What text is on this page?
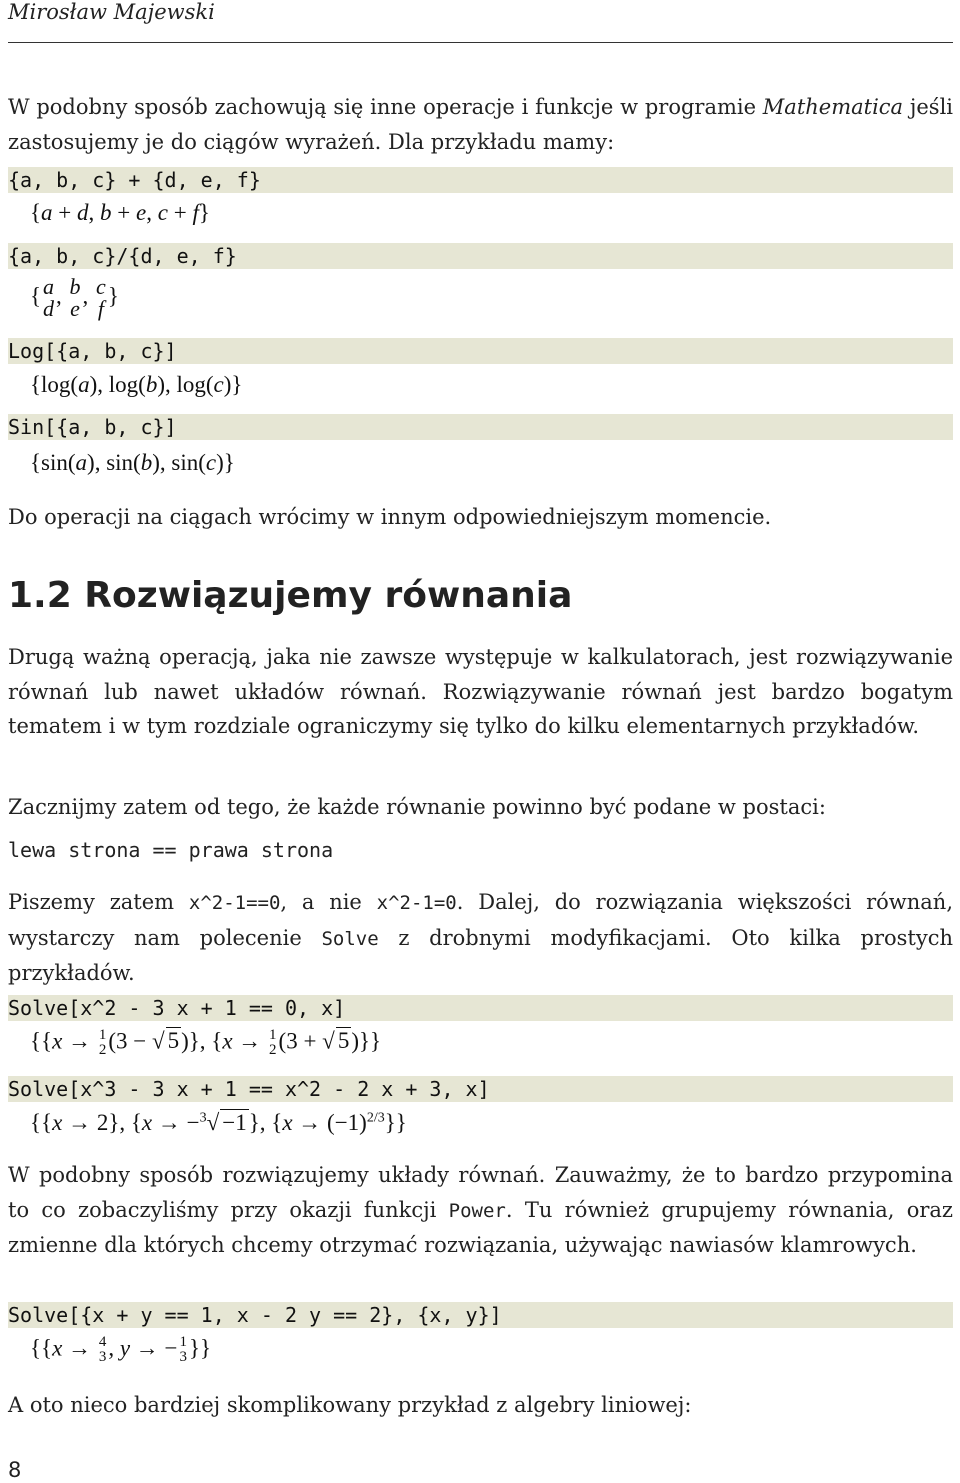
Mirosław Majewski
W podobny sposób zachowują się inne operacje i funkcje w programie Mathematica jeśli zastosujemy je do ciągów wyrażeń. Dla przykładu mamy:
{a, b, c} + {d, e, f}
{a + d, b + e, c + f}
{a, b, c}/{d, e, f}
{ a
d
, b
e
, c
f
}
Log[{a, b, c}]
{log(a), log(b), log(c)}
Sin[{a, b, c}]
{sin(a), sin(b), sin(c)}
Do operacji na ciągach wrócimy w innym odpowiedniejszym momencie.
1.2 Rozwiązujemy równania
Drugą ważną operacją, jaka nie zawsze występuje w kalkulatorach, jest rozwiązywanie równań lub nawet układów równań. Rozwiązywanie równań jest bardzo bogatym tematem i w tym rozdziale ograniczymy się tylko do kilku elementarnych przykładów.
Zacznijmy zatem od tego, że każde równanie powinno być podane w postaci:
lewa strona == prawa strona
Piszemy zatem x^2-1==0, a nie x^2-1=0. Dalej, do rozwiązania większości równań, wystarczy nam polecenie Solve z drobnymi modyfikacjami. Oto kilka prostych przykładów.
Solve[x^2 - 3 x + 1 == 0, x]
{{x → 1
2 (3 − √ 5)}, {x → 1
2 (3 + √ 5)}}
Solve[x^3 - 3 x + 1 == x^2 - 2 x + 3, x]
{{x → 2}, {x → −$^3$√ −1}, $\{x \to (-1)^{2/3}\}$}
W podobny sposób rozwiązujemy układy równań. Zauważmy, że to bardzo przypomina to co zobaczyliśmy przy okazji funkcji Power. Tu również grupujemy równania, oraz zmienne dla których chcemy otrzymać rozwiązania, używając nawiasów klamrowych.
Solve[{x + y == 1, x - 2 y == 2}, {x, y}]
{{x → 4
3 , y → − 1
3 }}
A oto nieco bardziej skomplikowany przykład z algebry liniowej:
8
